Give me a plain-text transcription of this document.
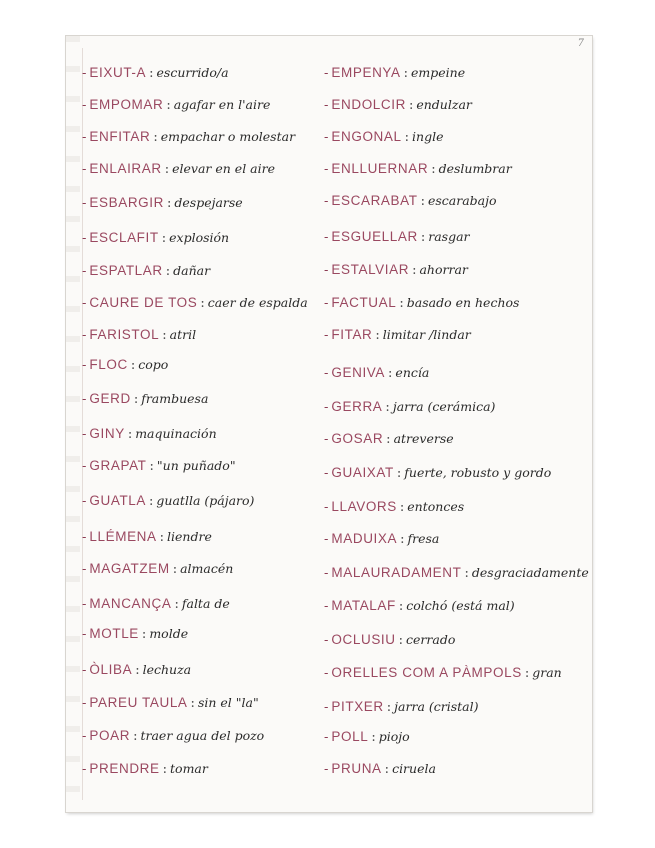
7
- EIXUT-A : escurrido/a
- EMPOMAR : agafar en l'aire
- ENFITAR : empachar o molestar
- ENLAIRAR : elevar en el aire
- ESBARGIR : despejarse
- ESCLAFIT : explosión
- ESPATLAR : dañar
- CAURE DE TOS : caer de espalda
- FARISTOL : atril
- FLOC : copo
- GERD : frambuesa
- GINY : maquinación
- GRAPAT : "un puñado"
- GUATLA : guatlla (pájaro)
- LLÉMENA : liendre
- MAGATZEM : almacén
- MANCANÇA : falta de
- MOTLE : molde
- ÒLIBA : lechuza
- PAREU TAULA : sin el "la"
- POAR : traer agua del pozo
- PRENDRE : tomar
- EMPENYA : empeine
- ENDOLCIR : endulzar
- ENGONAL : ingle
- ENLLUERNAR : deslumbrar
- ESCARABAT : escarabajo
- ESGUELLAR : rasgar
- ESTALVIAR : ahorrar
- FACTUAL : basado en hechos
- FITAR : limitar /lindar
- GENIVA : encía
- GERRA : jarra (cerámica)
- GOSAR : atreverse
- GUAIXAT : fuerte, robusto y gordo
- LLAVORS : entonces
- MADUIXA : fresa
- MALAURADAMENT : desgraciadamente
- MATALAF : colchó (está mal)
- OCLUSIU : cerrado
- ORELLES COM A PÀMPOLS : gran
- PITXER : jarra (cristal)
- POLL : piojo
- PRUNA : ciruela
